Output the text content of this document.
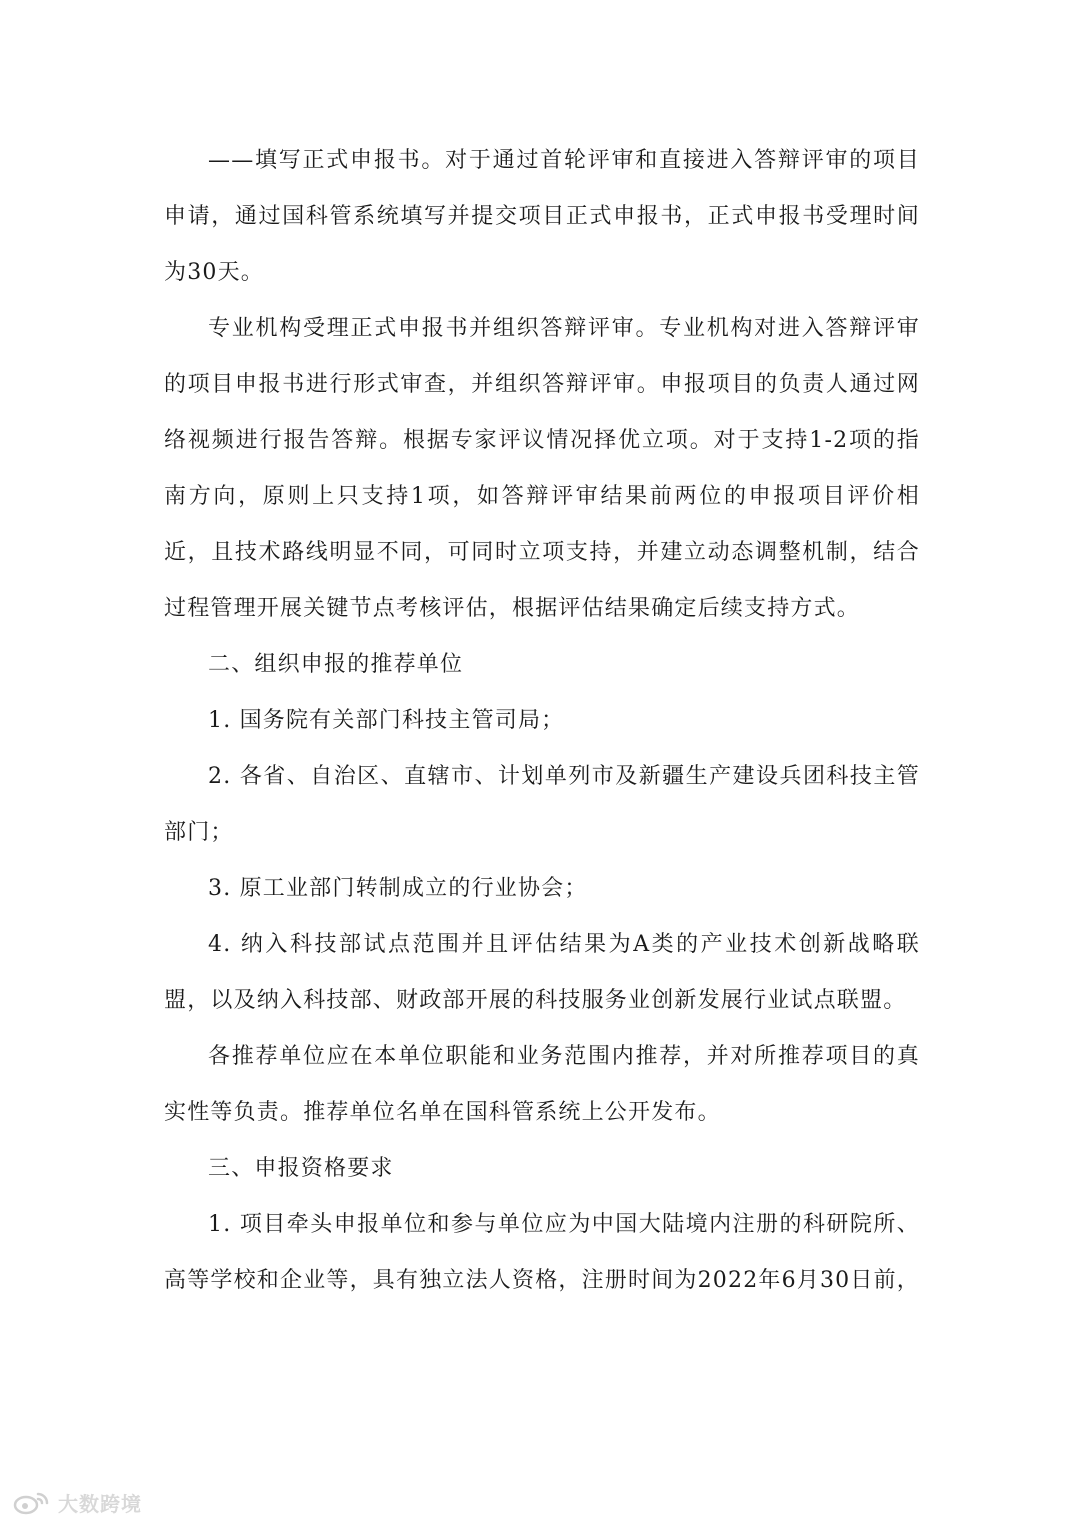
——填写正式申报书。对于通过首轮评审和直接进入答辩评审的项目申请，通过国科管系统填写并提交项目正式申报书，正式申报书受理时间为30天。

专业机构受理正式申报书并组织答辩评审。专业机构对进入答辩评审的项目申报书进行形式审查，并组织答辩评审。申报项目的负责人通过网络视频进行报告答辩。根据专家评议情况择优立项。对于支持1-2项的指南方向，原则上只支持1项，如答辩评审结果前两位的申报项目评价相近，且技术路线明显不同，可同时立项支持，并建立动态调整机制，结合过程管理开展关键节点考核评估，根据评估结果确定后续支持方式。

二、组织申报的推荐单位

1. 国务院有关部门科技主管司局；

2. 各省、自治区、直辖市、计划单列市及新疆生产建设兵团科技主管部门；

3. 原工业部门转制成立的行业协会；

4. 纳入科技部试点范围并且评估结果为A类的产业技术创新战略联盟，以及纳入科技部、财政部开展的科技服务业创新发展行业试点联盟。

各推荐单位应在本单位职能和业务范围内推荐，并对所推荐项目的真实性等负责。推荐单位名单在国科管系统上公开发布。

三、申报资格要求

1. 项目牵头申报单位和参与单位应为中国大陆境内注册的科研院所、高等学校和企业等，具有独立法人资格，注册时间为2022年6月30日前，

大数跨境
